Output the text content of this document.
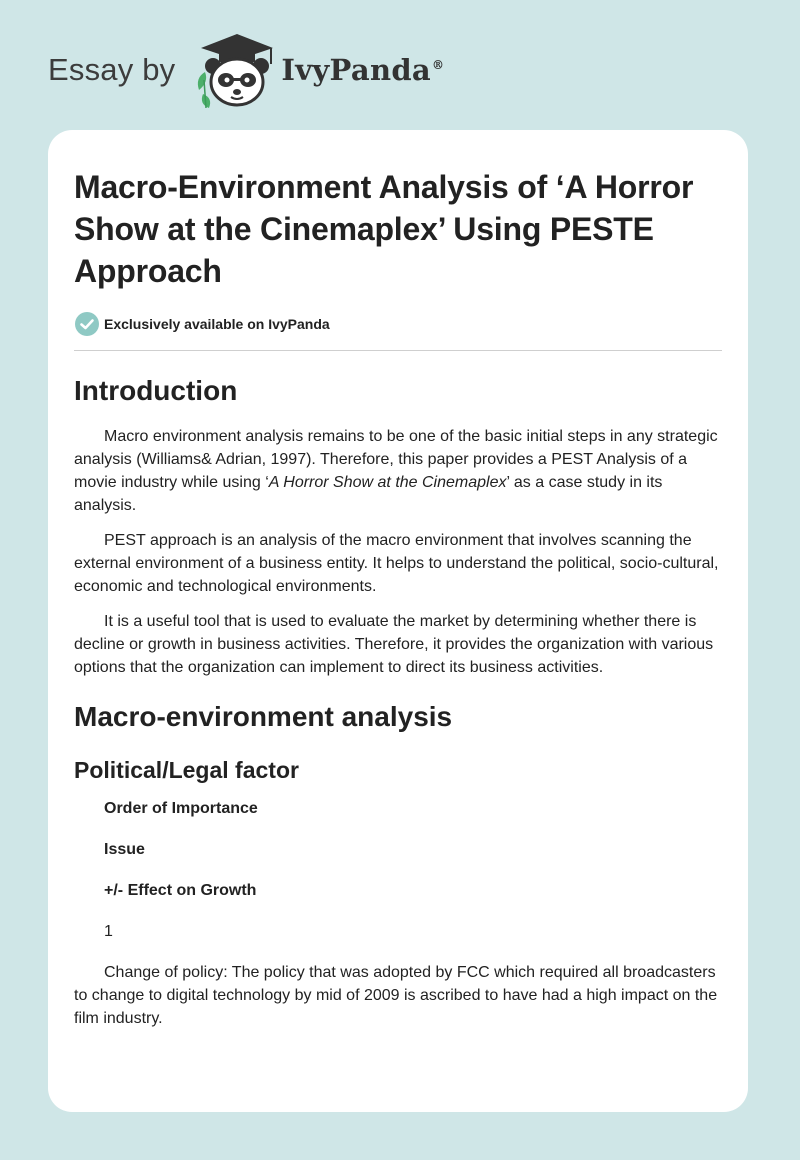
Essay by	IvyPanda®
Macro-Environment Analysis of ‘A Horror Show at the Cinemaplex’ Using PESTE Approach
Exclusively available on IvyPanda
Introduction

Macro environment analysis remains to be one of the basic initial steps in any strategic analysis (Williams& Adrian, 1997). Therefore, this paper provides a PEST Analysis of a movie industry while using ‘A Horror Show at the Cinemaplex’ as a case study in its analysis.

PEST approach is an analysis of the macro environment that involves scanning the external environment of a business entity. It helps to understand the political, socio-cultural, economic and technological environments.

It is a useful tool that is used to evaluate the market by determining whether there is decline or growth in business activities. Therefore, it provides the organization with various options that the organization can implement to direct its business activities.

Macro-environment analysis
Political/Legal factor

Order of Importance

Issue

+/- Effect on Growth

1

Change of policy: The policy that was adopted by FCC which required all broadcasters to change to digital technology by mid of 2009 is ascribed to have had a high impact on the film industry.
